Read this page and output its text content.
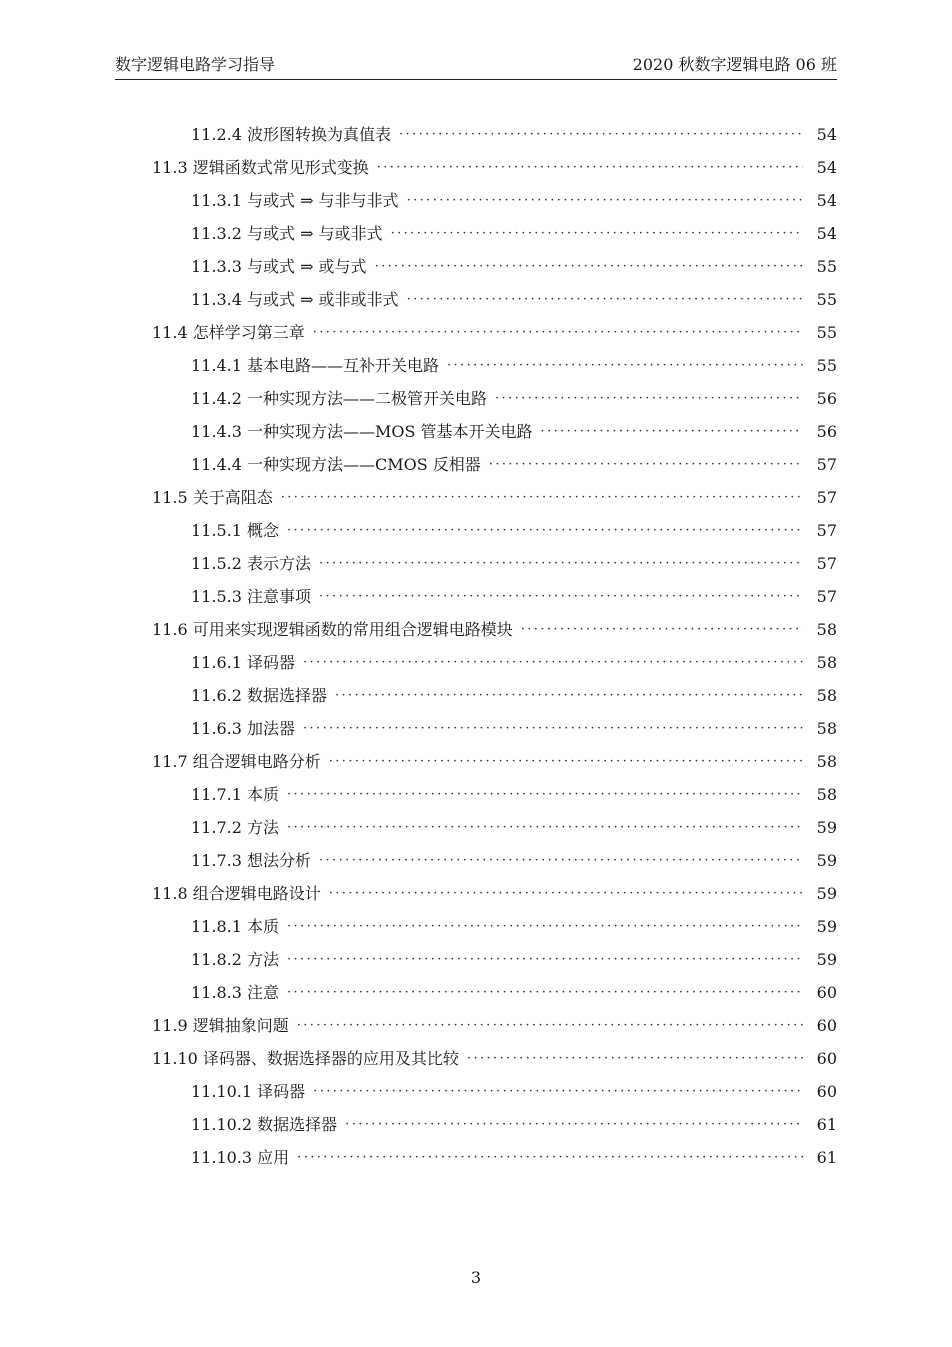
数字逻辑电路学习指导	2020 秋数字逻辑电路 06 班
11.2.4 波形图转换为真值表 ·····	54
11.3 逻辑函数式常见形式变换 ·····	54
11.3.1 与或式 ⇒ 与非与非式 ·····	54
11.3.2 与或式 ⇒ 与或非式 ·····	54
11.3.3 与或式 ⇒ 或与式 ·····	55
11.3.4 与或式 ⇒ 或非或非式 ·····	55
11.4 怎样学习第三章 ·····	55
11.4.1 基本电路——互补开关电路 ·····	55
11.4.2 一种实现方法——二极管开关电路 ·····	56
11.4.3 一种实现方法——MOS 管基本开关电路 ·····	56
11.4.4 一种实现方法——CMOS 反相器 ·····	57
11.5 关于高阻态 ·····	57
11.5.1 概念 ·····	57
11.5.2 表示方法 ·····	57
11.5.3 注意事项 ·····	57
11.6 可用来实现逻辑函数的常用组合逻辑电路模块 ·····	58
11.6.1 译码器 ·····	58
11.6.2 数据选择器 ·····	58
11.6.3 加法器 ·····	58
11.7 组合逻辑电路分析 ·····	58
11.7.1 本质 ·····	58
11.7.2 方法 ·····	59
11.7.3 想法分析 ·····	59
11.8 组合逻辑电路设计 ·····	59
11.8.1 本质 ·····	59
11.8.2 方法 ·····	59
11.8.3 注意 ·····	60
11.9 逻辑抽象问题 ·····	60
11.10 译码器、数据选择器的应用及其比较 ·····	60
11.10.1 译码器 ·····	60
11.10.2 数据选择器 ·····	61
11.10.3 应用 ·····	61
3
